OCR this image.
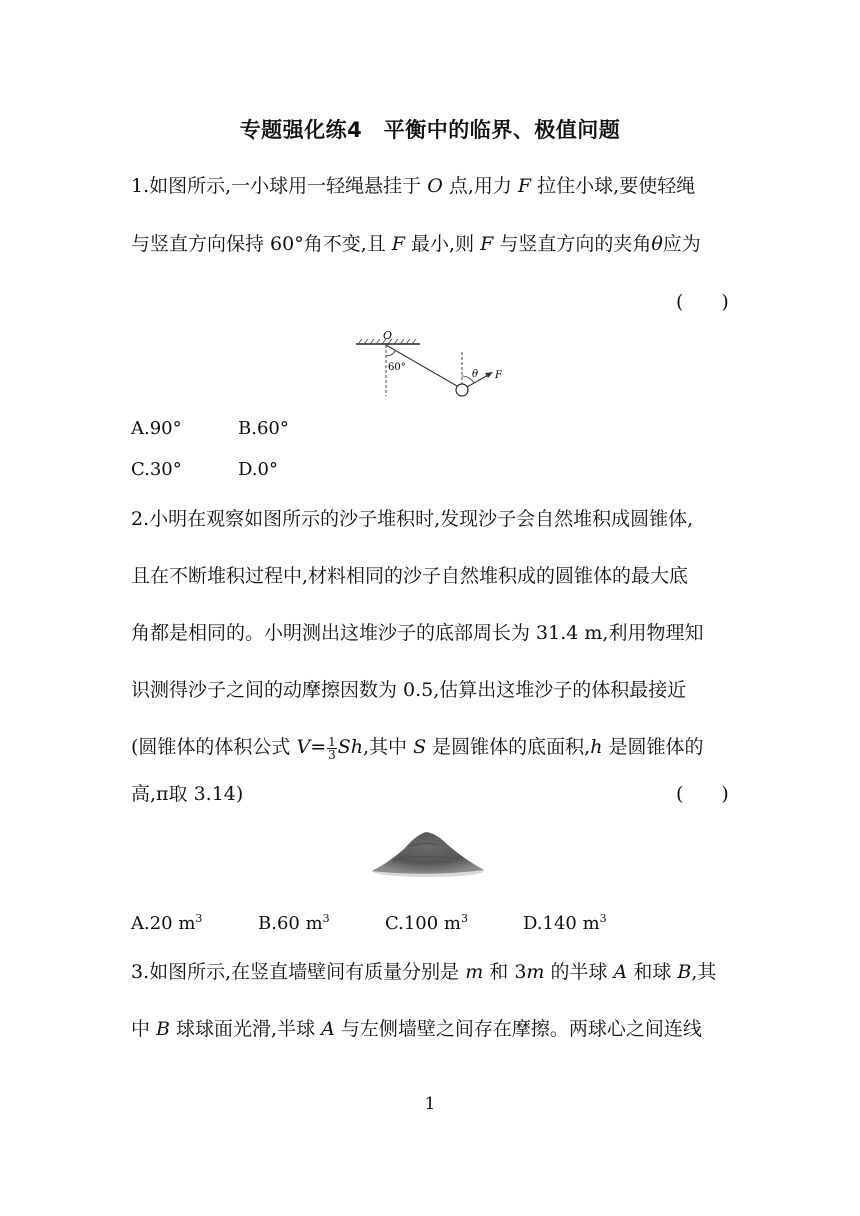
专题强化练4　平衡中的临界、极值问题
1.如图所示,一小球用一轻绳悬挂于 O 点,用力 F 拉住小球,要使轻绳
与竖直方向保持 60°角不变,且 F 最小,则 F 与竖直方向的夹角θ应为
(　　)
O
60°
θ F
A.90°	B.60°
C.30°	D.0°
2.小明在观察如图所示的沙子堆积时,发现沙子会自然堆积成圆锥体,
且在不断堆积过程中,材料相同的沙子自然堆积成的圆锥体的最大底
角都是相同的。小明测出这堆沙子的底部周长为 31.4 m,利用物理知
识测得沙子之间的动摩擦因数为 0.5,估算出这堆沙子的体积最接近
(圆锥体的体积公式 $V= \frac{1}{3} Sh$,其中 S 是圆锥体的底面积,h 是圆锥体的
高,π取 3.14)	(　　)
A.20 $m^3$	B.60 $m^3$	C.100 $m^3$	D.140 $m^3$
3.如图所示,在竖直墙壁间有质量分别是 m 和 3m 的半球 A 和球 B,其
中 B 球球面光滑,半球 A 与左侧墙壁之间存在摩擦。两球心之间连线
1
